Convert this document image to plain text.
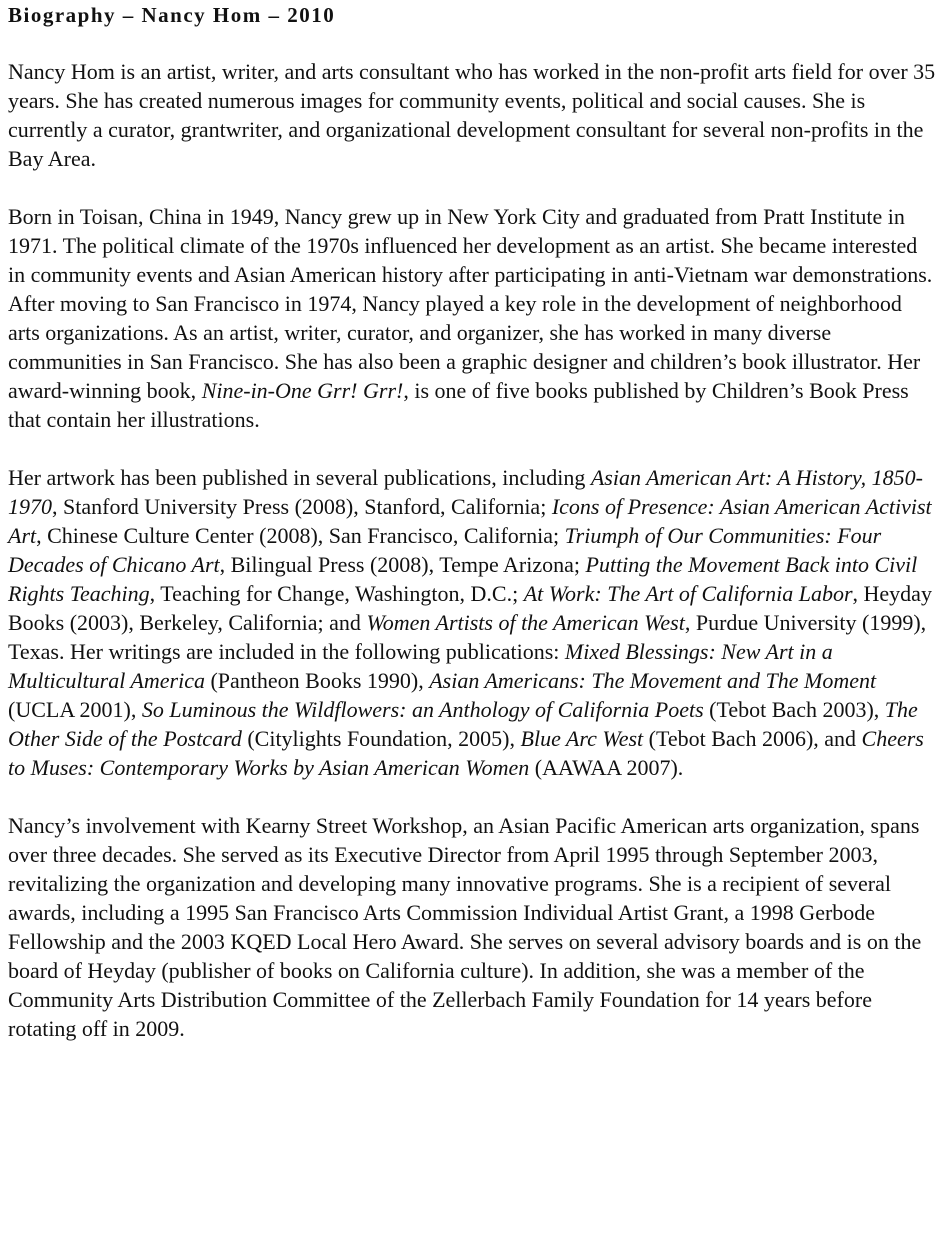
Biography – Nancy Hom – 2010

Nancy Hom is an artist, writer, and arts consultant who has worked in the non-profit arts field for over 35 years. She has created numerous images for community events, political and social causes. She is currently a curator, grantwriter, and organizational development consultant for several non-profits in the Bay Area.

Born in Toisan, China in 1949, Nancy grew up in New York City and graduated from Pratt Institute in 1971. The political climate of the 1970s influenced her development as an artist. She became interested in community events and Asian American history after participating in anti-Vietnam war demonstrations. After moving to San Francisco in 1974, Nancy played a key role in the development of neighborhood arts organizations. As an artist, writer, curator, and organizer, she has worked in many diverse communities in San Francisco. She has also been a graphic designer and children’s book illustrator. Her award-winning book, Nine-in-One Grr! Grr!, is one of five books published by Children’s Book Press that contain her illustrations.

Her artwork has been published in several publications, including Asian American Art: A History, 1850-1970, Stanford University Press (2008), Stanford, California; Icons of Presence: Asian American Activist Art, Chinese Culture Center (2008), San Francisco, California; Triumph of Our Communities: Four Decades of Chicano Art, Bilingual Press (2008), Tempe Arizona; Putting the Movement Back into Civil Rights Teaching, Teaching for Change, Washington, D.C.; At Work: The Art of California Labor, Heyday Books (2003), Berkeley, California; and Women Artists of the American West, Purdue University (1999), Texas. Her writings are included in the following publications: Mixed Blessings: New Art in a Multicultural America (Pantheon Books 1990), Asian Americans: The Movement and The Moment (UCLA 2001), So Luminous the Wildflowers: an Anthology of California Poets (Tebot Bach 2003), The Other Side of the Postcard (Citylights Foundation, 2005), Blue Arc West (Tebot Bach 2006), and Cheers to Muses: Contemporary Works by Asian American Women (AAWAA 2007).

Nancy’s involvement with Kearny Street Workshop, an Asian Pacific American arts organization, spans over three decades. She served as its Executive Director from April 1995 through September 2003, revitalizing the organization and developing many innovative programs. She is a recipient of several awards, including a 1995 San Francisco Arts Commission Individual Artist Grant, a 1998 Gerbode Fellowship and the 2003 KQED Local Hero Award. She serves on several advisory boards and is on the board of Heyday (publisher of books on California culture). In addition, she was a member of the Community Arts Distribution Committee of the Zellerbach Family Foundation for 14 years before rotating off in 2009.
